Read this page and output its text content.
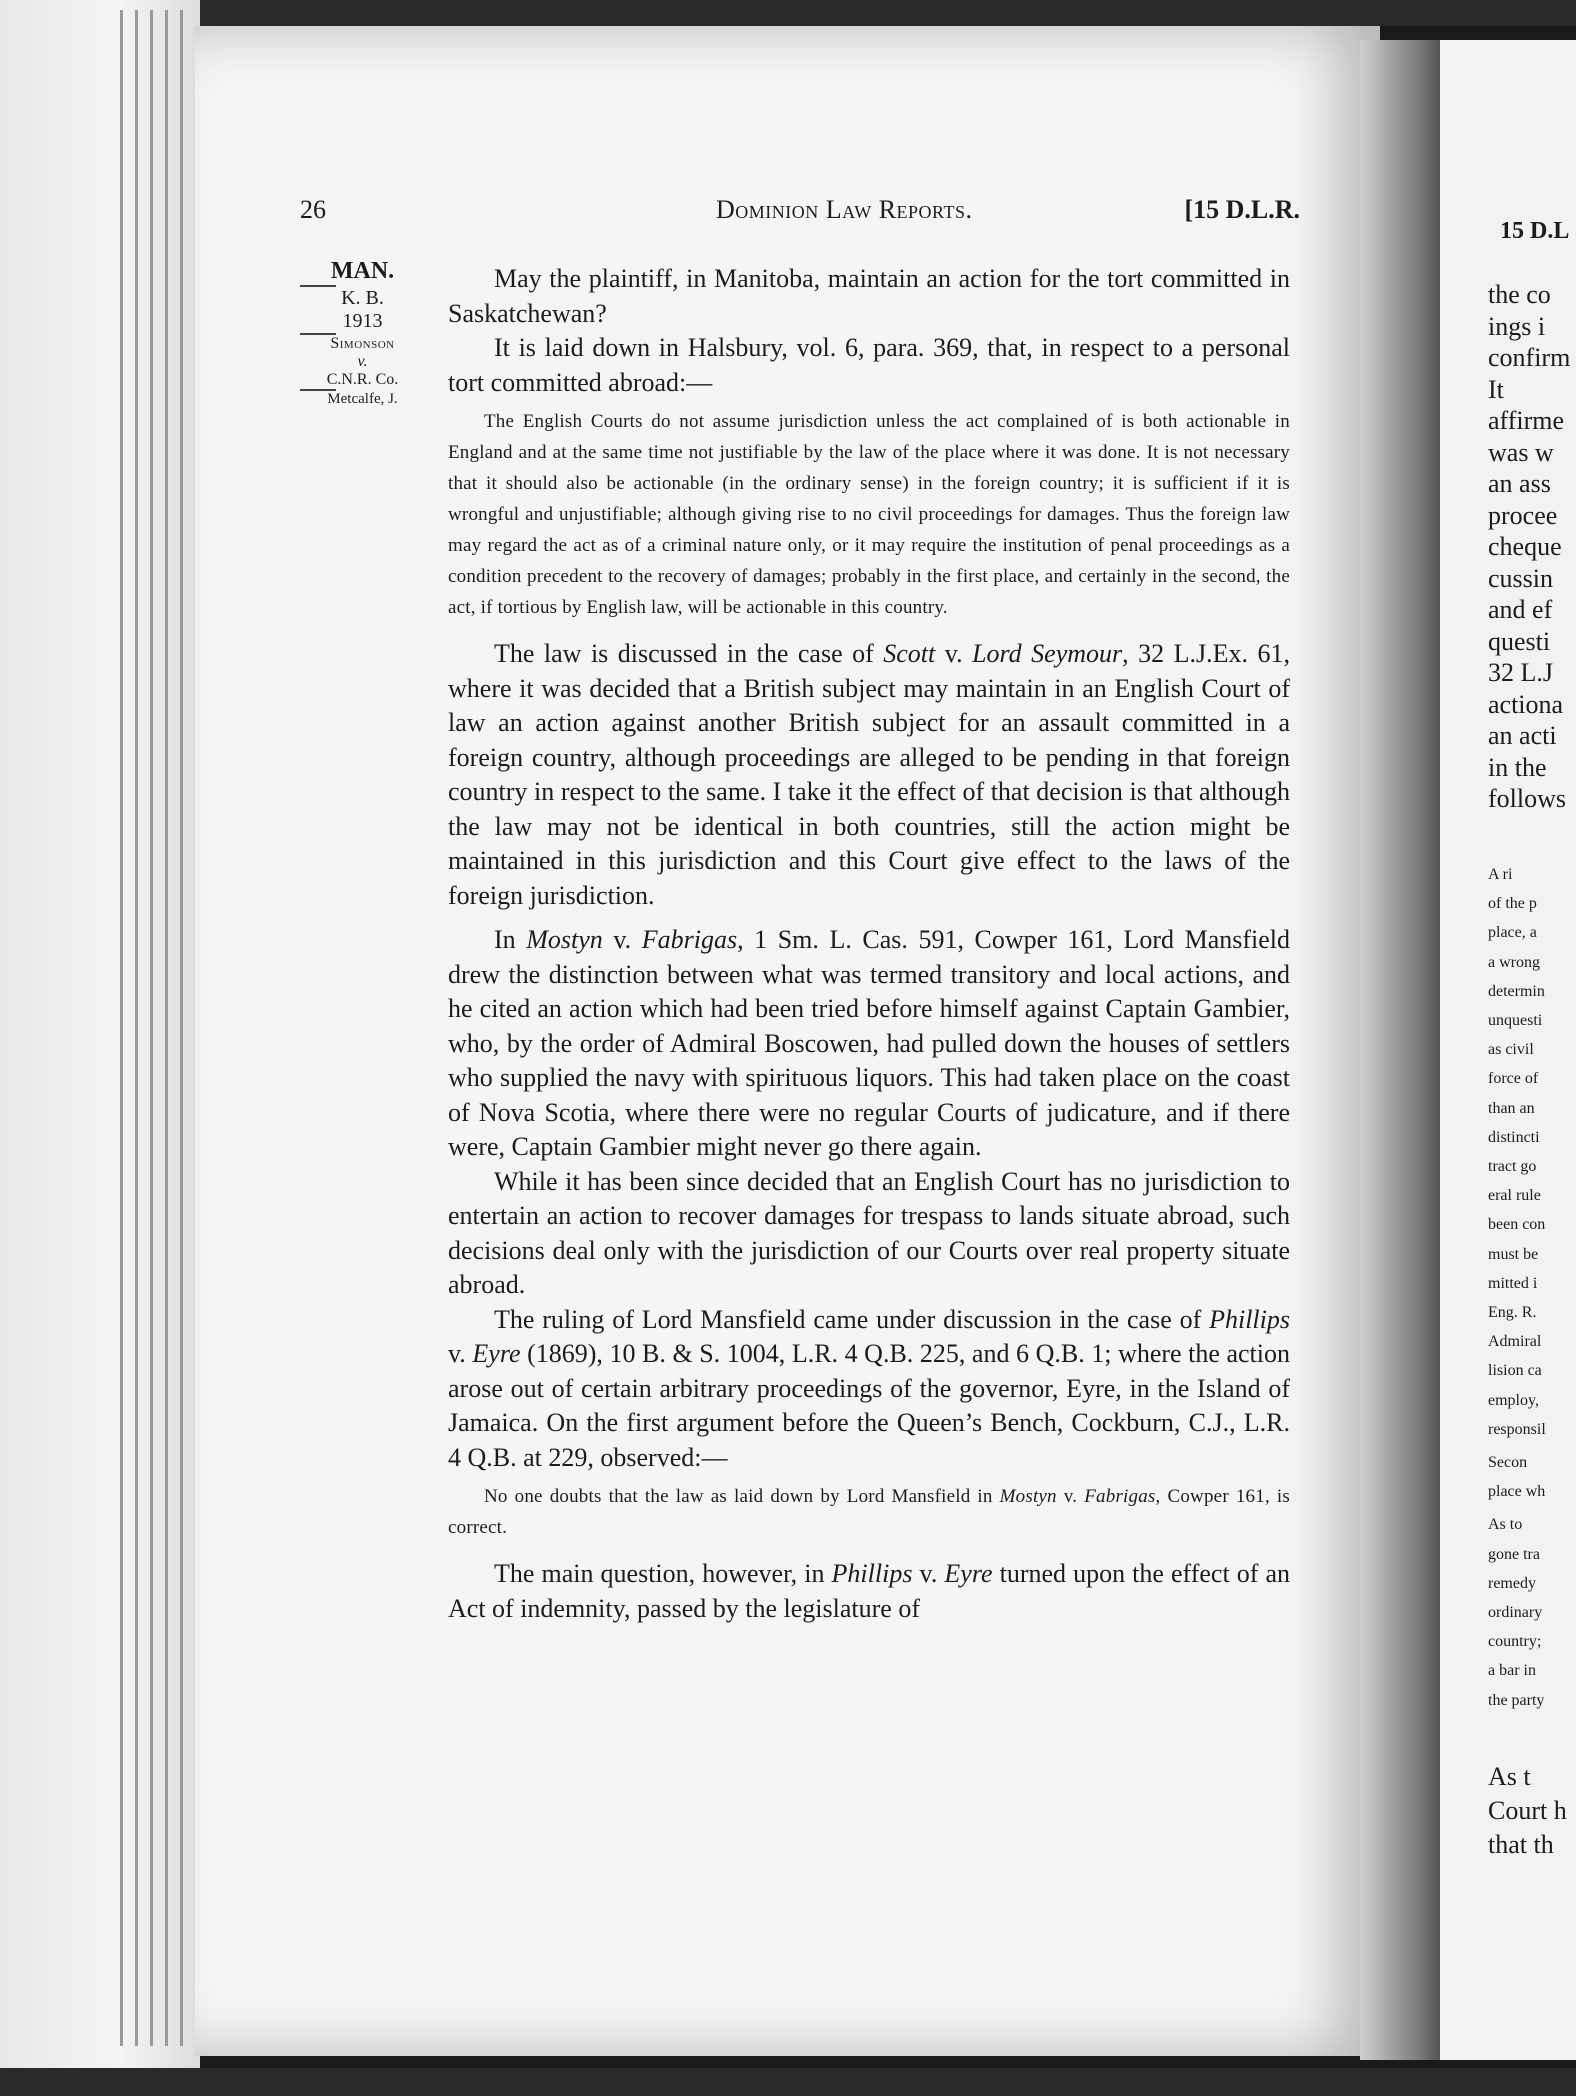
26	Dominion Law Reports.	[15 D.L.R.
MAN.
K. B.
1913
Simonson
v.
C.N.R. Co.
Metcalfe, J.

May the plaintiff, in Manitoba, maintain an action for the tort committed in Saskatchewan?

It is laid down in Halsbury, vol. 6, para. 369, that, in respect to a personal tort committed abroad:—

The English Courts do not assume jurisdiction unless the act complained of is both actionable in England and at the same time not justifiable by the law of the place where it was done. It is not necessary that it should also be actionable (in the ordinary sense) in the foreign country; it is sufficient if it is wrongful and unjustifiable; although giving rise to no civil proceedings for damages. Thus the foreign law may regard the act as of a criminal nature only, or it may require the institution of penal proceedings as a condition precedent to the recovery of damages; probably in the first place, and certainly in the second, the act, if tortious by English law, will be actionable in this country.

The law is discussed in the case of Scott v. Lord Seymour, 32 L.J.Ex. 61, where it was decided that a British subject may maintain in an English Court of law an action against another British subject for an assault committed in a foreign country, although proceedings are alleged to be pending in that foreign country in respect to the same. I take it the effect of that decision is that although the law may not be identical in both countries, still the action might be maintained in this jurisdiction and this Court give effect to the laws of the foreign jurisdiction.

In Mostyn v. Fabrigas, 1 Sm. L. Cas. 591, Cowper 161, Lord Mansfield drew the distinction between what was termed transitory and local actions, and he cited an action which had been tried before himself against Captain Gambier, who, by the order of Admiral Boscowen, had pulled down the houses of settlers who supplied the navy with spirituous liquors. This had taken place on the coast of Nova Scotia, where there were no regular Courts of judicature, and if there were, Captain Gambier might never go there again.

While it has been since decided that an English Court has no jurisdiction to entertain an action to recover damages for trespass to lands situate abroad, such decisions deal only with the jurisdiction of our Courts over real property situate abroad.

The ruling of Lord Mansfield came under discussion in the case of Phillips v. Eyre (1869), 10 B. & S. 1004, L.R. 4 Q.B. 225, and 6 Q.B. 1; where the action arose out of certain arbitrary proceedings of the governor, Eyre, in the Island of Jamaica. On the first argument before the Queen’s Bench, Cockburn, C.J., L.R. 4 Q.B. at 229, observed:—

No one doubts that the law as laid down by Lord Mansfield in Mostyn v. Fabrigas, Cowper 161, is correct.

The main question, however, in Phillips v. Eyre turned upon the effect of an Act of indemnity, passed by the legislature of

15 D.L
the co
ings i
confirm
It
affirme
was w
an ass
procee
cheque
cussin
and ef
questi
32 L.J
actiona
an acti
in the
follows
A ri
of the p
place, a
a wrong
determin
unquesti
as civil
force of
than an
distincti
tract go
eral rule
been con
must be
mitted i
Eng. R.
Admiral
lision ca
employ,
responsil
Secon
place wh
As to
gone tra
remedy
ordinary
country;
a bar in
the party
As t
Court h
that th
